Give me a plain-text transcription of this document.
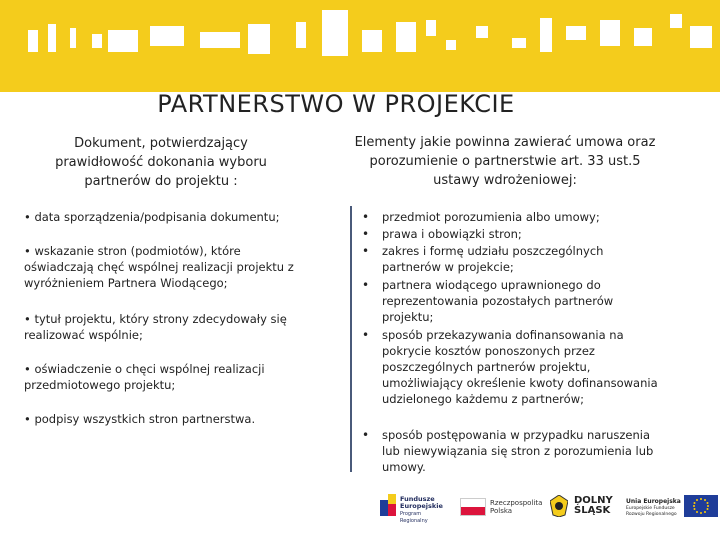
PARTNERSTWO W PROJEKCIE
Dokument, potwierdzający prawidłowość dokonania wyboru partnerów do projektu :
Elementy jakie powinna zawierać umowa oraz porozumienie o partnerstwie art. 33 ust.5 ustawy wdrożeniowej:
• data sporządzenia/podpisania dokumentu;
• wskazanie stron (podmiotów), które oświadczają chęć wspólnej realizacji projektu z wyróżnieniem Partnera Wiodącego;
• tytuł projektu, który strony zdecydowały się realizować wspólnie;
• oświadczenie o chęci wspólnej realizacji przedmiotowego projektu;
• podpisy wszystkich stron partnerstwa.
• przedmiot porozumienia albo umowy;
• prawa i obowiązki stron;
• zakres i formę udziału poszczególnych partnerów w projekcie;
• partnera wiodącego uprawnionego do reprezentowania pozostałych partnerów projektu;
• sposób przekazywania dofinansowania na pokrycie kosztów ponoszonych przez poszczególnych partnerów projektu, umożliwiający określenie kwoty dofinansowania udzielonego każdemu z partnerów;
• sposób postępowania w przypadku naruszenia lub niewywiązania się stron z porozumienia lub umowy.
Fundusze
Europejskie
Program Regionalny
Rzeczpospolita
Polska
DOLNY
ŚLĄSK
Unia Europejska
Europejskie Fundusze
Rozwoju Regionalnego
